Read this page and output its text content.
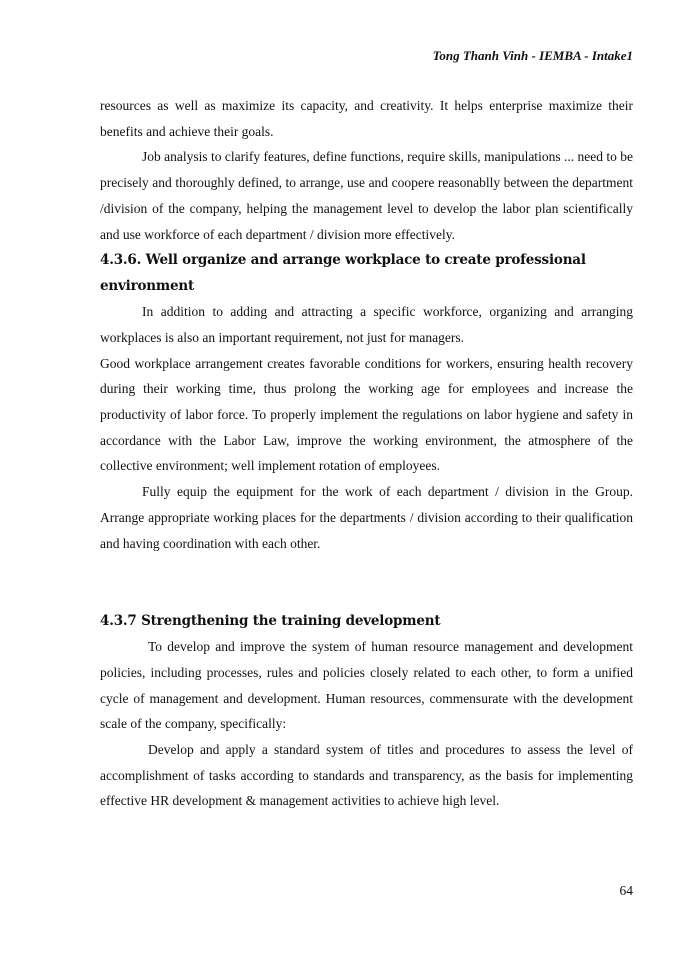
Tong Thanh Vinh - IEMBA - Intake1

resources as well as maximize its capacity, and creativity. It helps enterprise maximize their benefits and achieve their goals.

Job analysis to clarify features, define functions, require skills, manipulations ... need to be precisely and thoroughly defined, to arrange, use and coopere reasonablly between the department /division of the company, helping the management level to develop the labor plan scientifically and use workforce of each department / division more effectively.

4.3.6. Well organize and arrange workplace to create professional environment

In addition to adding and attracting a specific workforce, organizing and arranging workplaces is also an important requirement, not just for managers.

Good workplace arrangement creates favorable conditions for workers, ensuring health recovery during their working time, thus prolong the working age for employees and increase the productivity of labor force. To properly implement the regulations on labor hygiene and safety in accordance with the Labor Law, improve the working environment, the atmosphere of the collective environment; well implement rotation of employees.

Fully equip the equipment for the work of each department / division in the Group. Arrange appropriate working places for the departments / division according to their qualification and having coordination with each other.

4.3.7 Strengthening the training development

To develop and improve the system of human resource management and development policies, including processes, rules and policies closely related to each other, to form a unified cycle of management and development. Human resources, commensurate with the development scale of the company, specifically:

Develop and apply a standard system of titles and procedures to assess the level of accomplishment of tasks according to standards and transparency, as the basis for implementing effective HR development & management activities to achieve high level.

64
